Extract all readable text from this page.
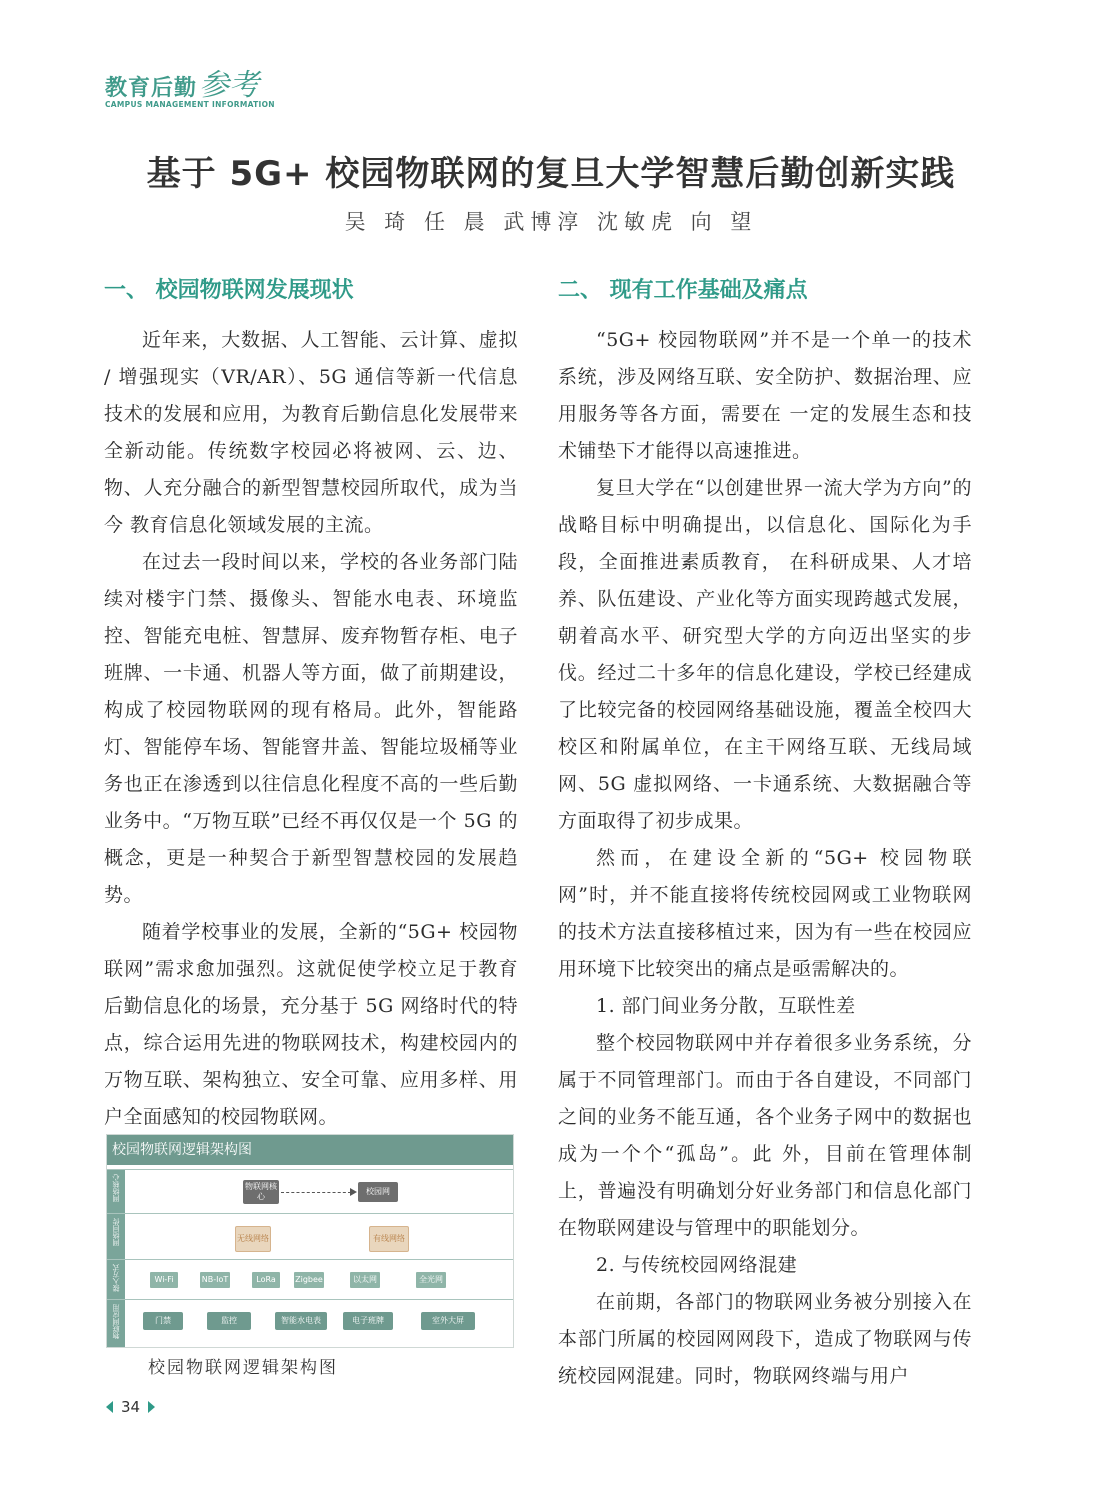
教育后勤参考
CAMPUS MANAGEMENT INFORMATION
基于 5G+ 校园物联网的复旦大学智慧后勤创新实践
吴 琦 任 晨 武博淳 沈敏虎 向 望
一、 校园物联网发展现状

近年来，大数据、人工智能、云计算、虚拟 / 增强现实（VR/AR）、5G 通信等新一代信息技术的发展和应用，为教育后勤信息化发展带来全新动能。传统数字校园必将被网、云、边、物、人充分融合的新型智慧校园所取代，成为当今 教育信息化领域发展的主流。

在过去一段时间以来，学校的各业务部门陆续对楼宇门禁、摄像头、智能水电表、环境监控、智能充电桩、智慧屏、废弃物暂存柜、电子班牌、一卡通、机器人等方面，做了前期建设，构成了校园物联网的现有格局。此外，智能路灯、智能停车场、智能窨井盖、智能垃圾桶等业务也正在渗透到以往信息化程度不高的一些后勤业务中。“万物互联”已经不再仅仅是一个 5G 的概念，更是一种契合于新型智慧校园的发展趋势。

随着学校事业的发展，全新的“5G+ 校园物联网”需求愈加强烈。这就促使学校立足于教育后勤信息化的场景，充分基于 5G 网络时代的特点，综合运用先进的物联网技术，构建校园内的万物互联、架构独立、安全可靠、应用多样、用户全面感知的校园物联网。

二、 现有工作基础及痛点

“5G+ 校园物联网”并不是一个单一的技术系统，涉及网络互联、安全防护、数据治理、应用服务等各方面，需要在 一定的发展生态和技术铺垫下才能得以高速推进。

复旦大学在“以创建世界一流大学为方向”的战略目标中明确提出，以信息化、国际化为手段，全面推进素质教育， 在科研成果、人才培养、队伍建设、产业化等方面实现跨越式发展，朝着高水平、研究型大学的方向迈出坚实的步伐。经过二十多年的信息化建设，学校已经建成了比较完备的校园网络基础设施，覆盖全校四大校区和附属单位，在主干网络互联、无线局域网、5G 虚拟网络、一卡通系统、大数据融合等方面取得了初步成果。

然而，在建设全新的“5G+ 校园物联网”时，并不能直接将传统校园网或工业物联网的技术方法直接移植过来，因为有一些在校园应用环境下比较突出的痛点是亟需解决的。

1. 部门间业务分散，互联性差

整个校园物联网中并存着很多业务系统，分属于不同管理部门。而由于各自建设，不同部门之间的业务不能互通，各个业务子网中的数据也成为一个个“孤岛”。此 外，目前在管理体制上，普遍没有明确划分好业务部门和信息化部门在物联网建设与管理中的职能划分。

2. 与传统校园网络混建

在前期，各部门的物联网业务被分别接入在本部门所属的校园网网段下，造成了物联网与传统校园网混建。同时，物联网终端与用户

校园物联网逻辑架构图
网络核心	物联网核心
校园网
网络回传	无线网络	有线网络
接入方式	Wi-Fi	NB-IoT	LoRa	Zigbee	以太网	全光网
物联网应用	门禁	监控	智能水电表	电子班牌	室外大屏
校园物联网逻辑架构图
34
